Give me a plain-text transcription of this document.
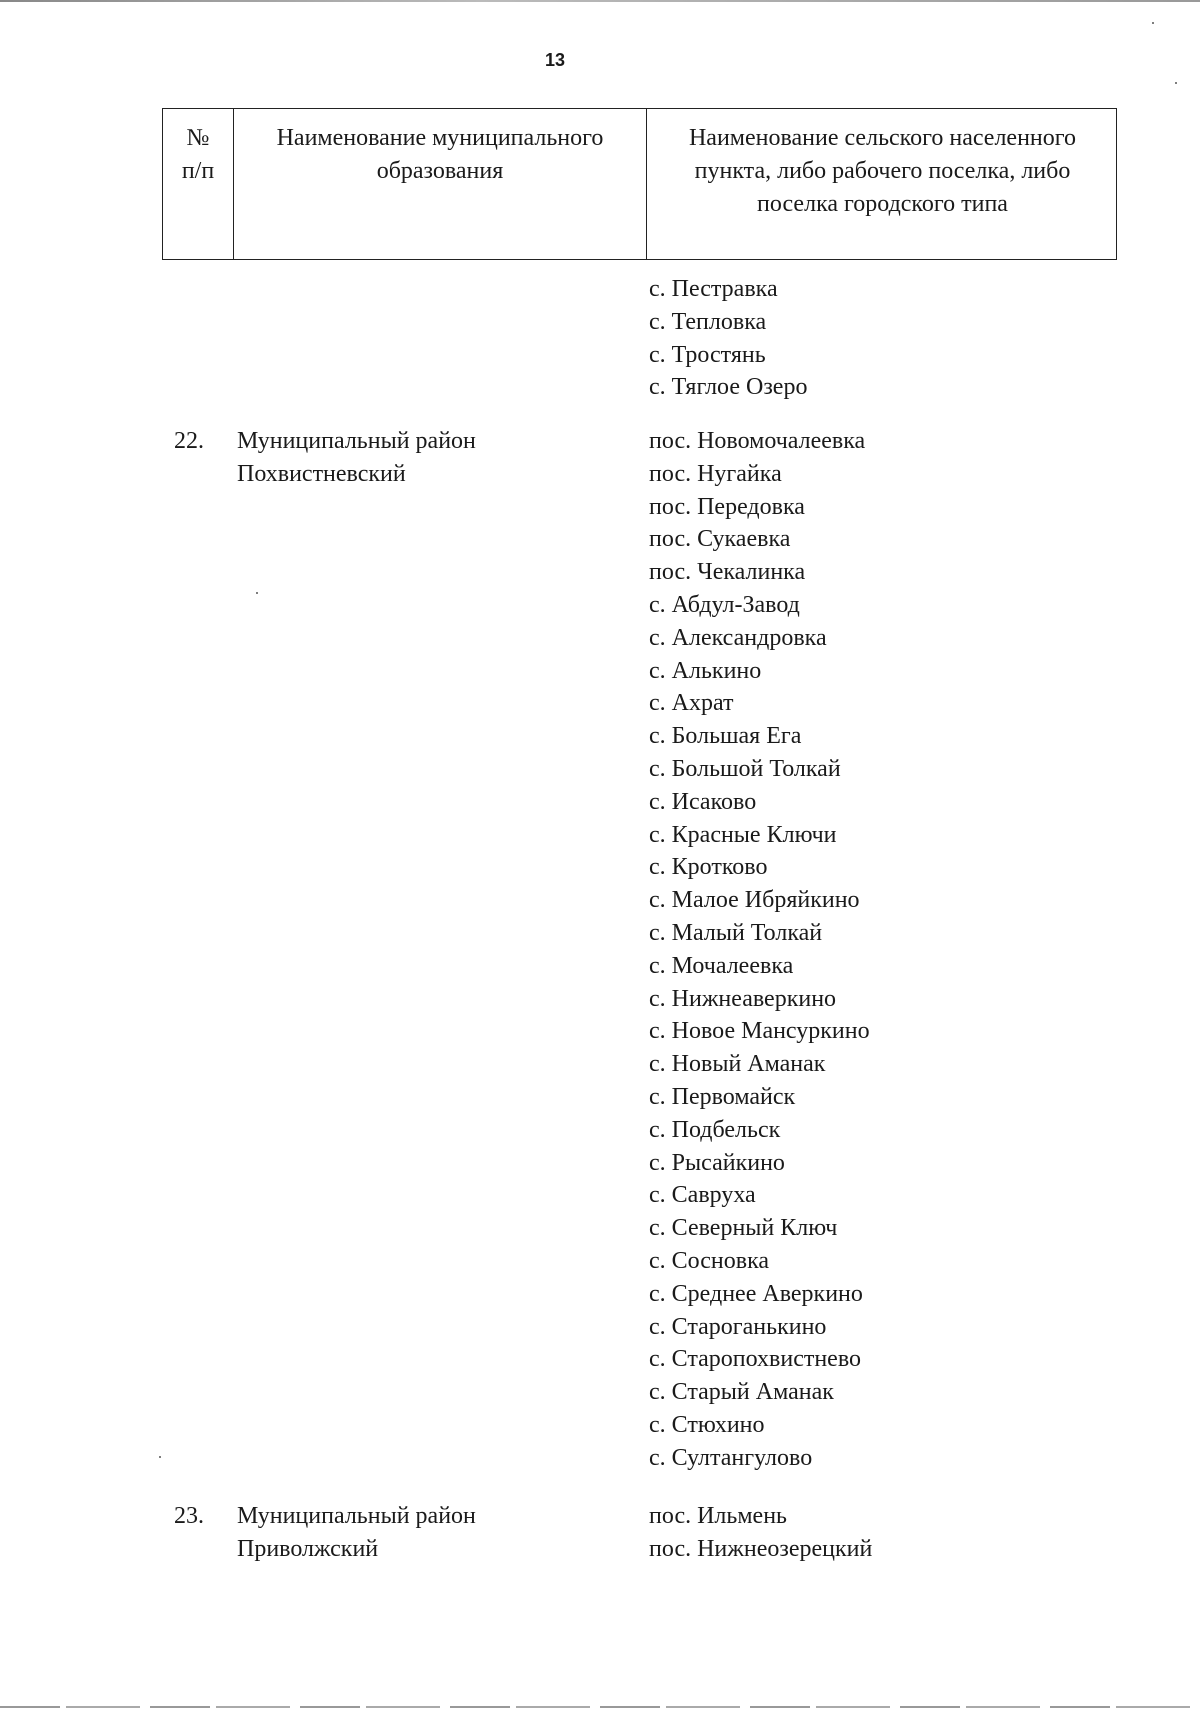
13
№
п/п
Наименование муниципального образования
Наименование сельского населенного пункта, либо рабочего поселка, либо поселка городского типа
с. Пестравка
с. Тепловка
с. Тростянь
с. Тяглое Озеро
22. Муниципальный район Похвистневский
пос. Новомочалеевка
пос. Нугайка
пос. Передовка
пос. Сукаевка
пос. Чекалинка
с. Абдул-Завод
с. Александровка
с. Алькино
с. Ахрат
с. Большая Ега
с. Большой Толкай
с. Исаково
с. Красные Ключи
с. Кротково
с. Малое Ибряйкино
с. Малый Толкай
с. Мочалеевка
с. Нижнеаверкино
с. Новое Мансуркино
с. Новый Аманак
с. Первомайск
с. Подбельск
с. Рысайкино
с. Савруха
с. Северный Ключ
с. Сосновка
с. Среднее Аверкино
с. Староганькино
с. Старопохвистнево
с. Старый Аманак
с. Стюхино
с. Султангулово
23. Муниципальный район Приволжский
пос. Ильмень
пос. Нижнеозерецкий
